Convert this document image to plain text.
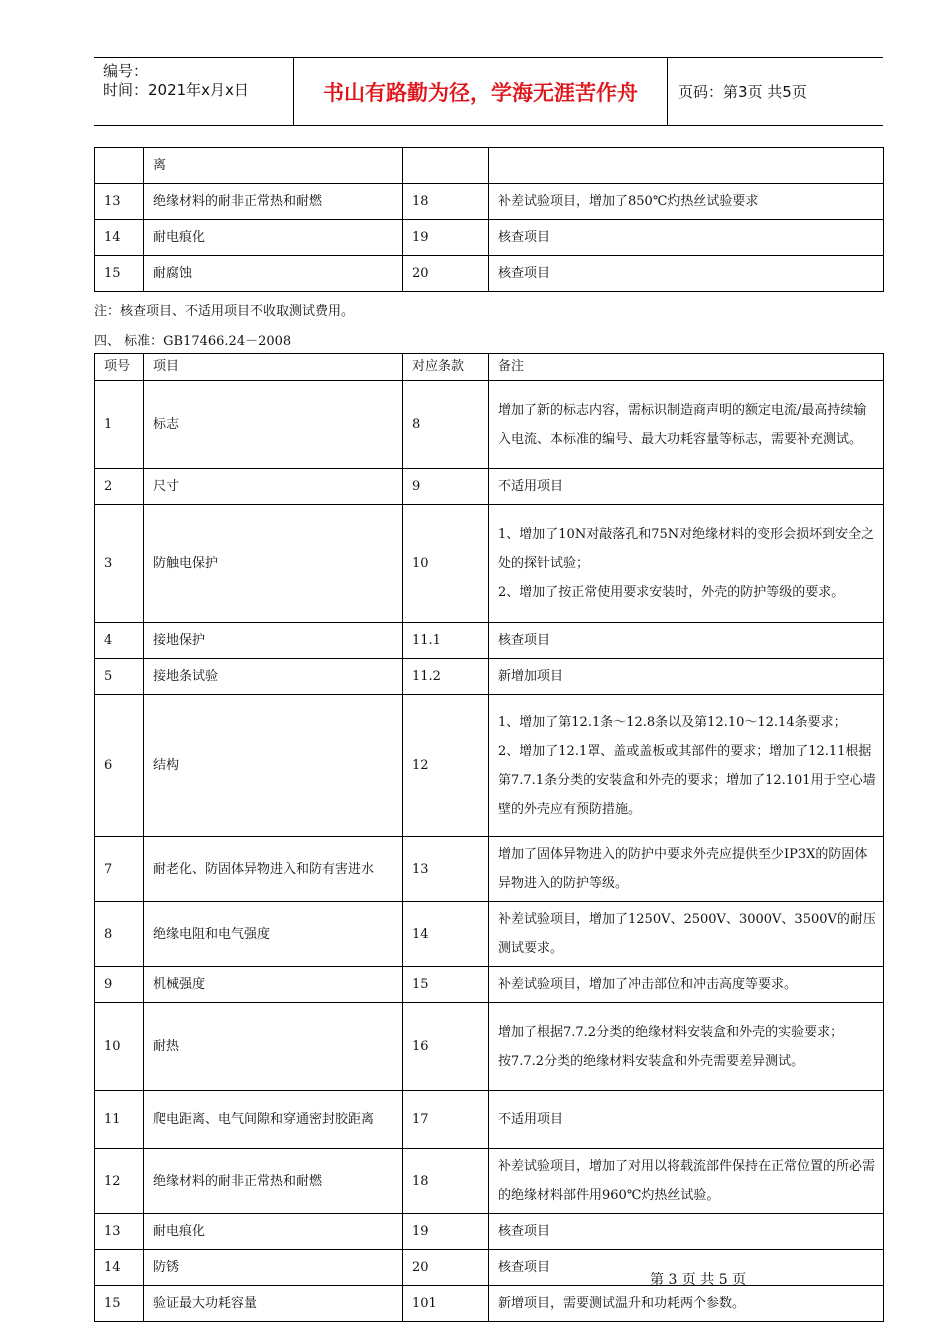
编号：
时间：2021年x月x日	书山有路勤为径，学海无涯苦作舟	页码：第3页 共5页
	离		
13	绝缘材料的耐非正常热和耐燃	18	补差试验项目，增加了850℃灼热丝试验要求
14	耐电痕化	19	核查项目
15	耐腐蚀	20	核查项目
注：核查项目、不适用项目不收取测试费用。
四、 标准：GB17466.24－2008
项号	项目	对应条款	备注
1	标志	8	增加了新的标志内容，需标识制造商声明的额定电流/最高持续输入电流、本标准的编号、最大功耗容量等标志，需要补充测试。
2	尺寸	9	不适用项目
3	防触电保护	10	1、增加了10N对敲落孔和75N对绝缘材料的变形会损坏到安全之处的探针试验；
2、增加了按正常使用要求安装时，外壳的防护等级的要求。
4	接地保护	11.1	核查项目
5	接地条试验	11.2	新增加项目
6	结构	12	1、增加了第12.1条～12.8条以及第12.10～12.14条要求；
2、增加了12.1罩、盖或盖板或其部件的要求；增加了12.11根据第7.7.1条分类的安装盒和外壳的要求；增加了12.101用于空心墙壁的外壳应有预防措施。
7	耐老化、防固体异物进入和防有害进水	13	增加了固体异物进入的防护中要求外壳应提供至少IP3X的防固体异物进入的防护等级。
8	绝缘电阻和电气强度	14	补差试验项目，增加了1250V、2500V、3000V、3500V的耐压测试要求。
9	机械强度	15	补差试验项目，增加了冲击部位和冲击高度等要求。
10	耐热	16	增加了根据7.7.2分类的绝缘材料安装盒和外壳的实验要求；
按7.7.2分类的绝缘材料安装盒和外壳需要差异测试。
11	爬电距离、电气间隙和穿通密封胶距离	17	不适用项目
12	绝缘材料的耐非正常热和耐燃	18	补差试验项目，增加了对用以将载流部件保持在正常位置的所必需的绝缘材料部件用960℃灼热丝试验。
13	耐电痕化	19	核查项目
14	防锈	20	核查项目
15	验证最大功耗容量	101	新增项目，需要测试温升和功耗两个参数。
第 3 页 共 5 页
